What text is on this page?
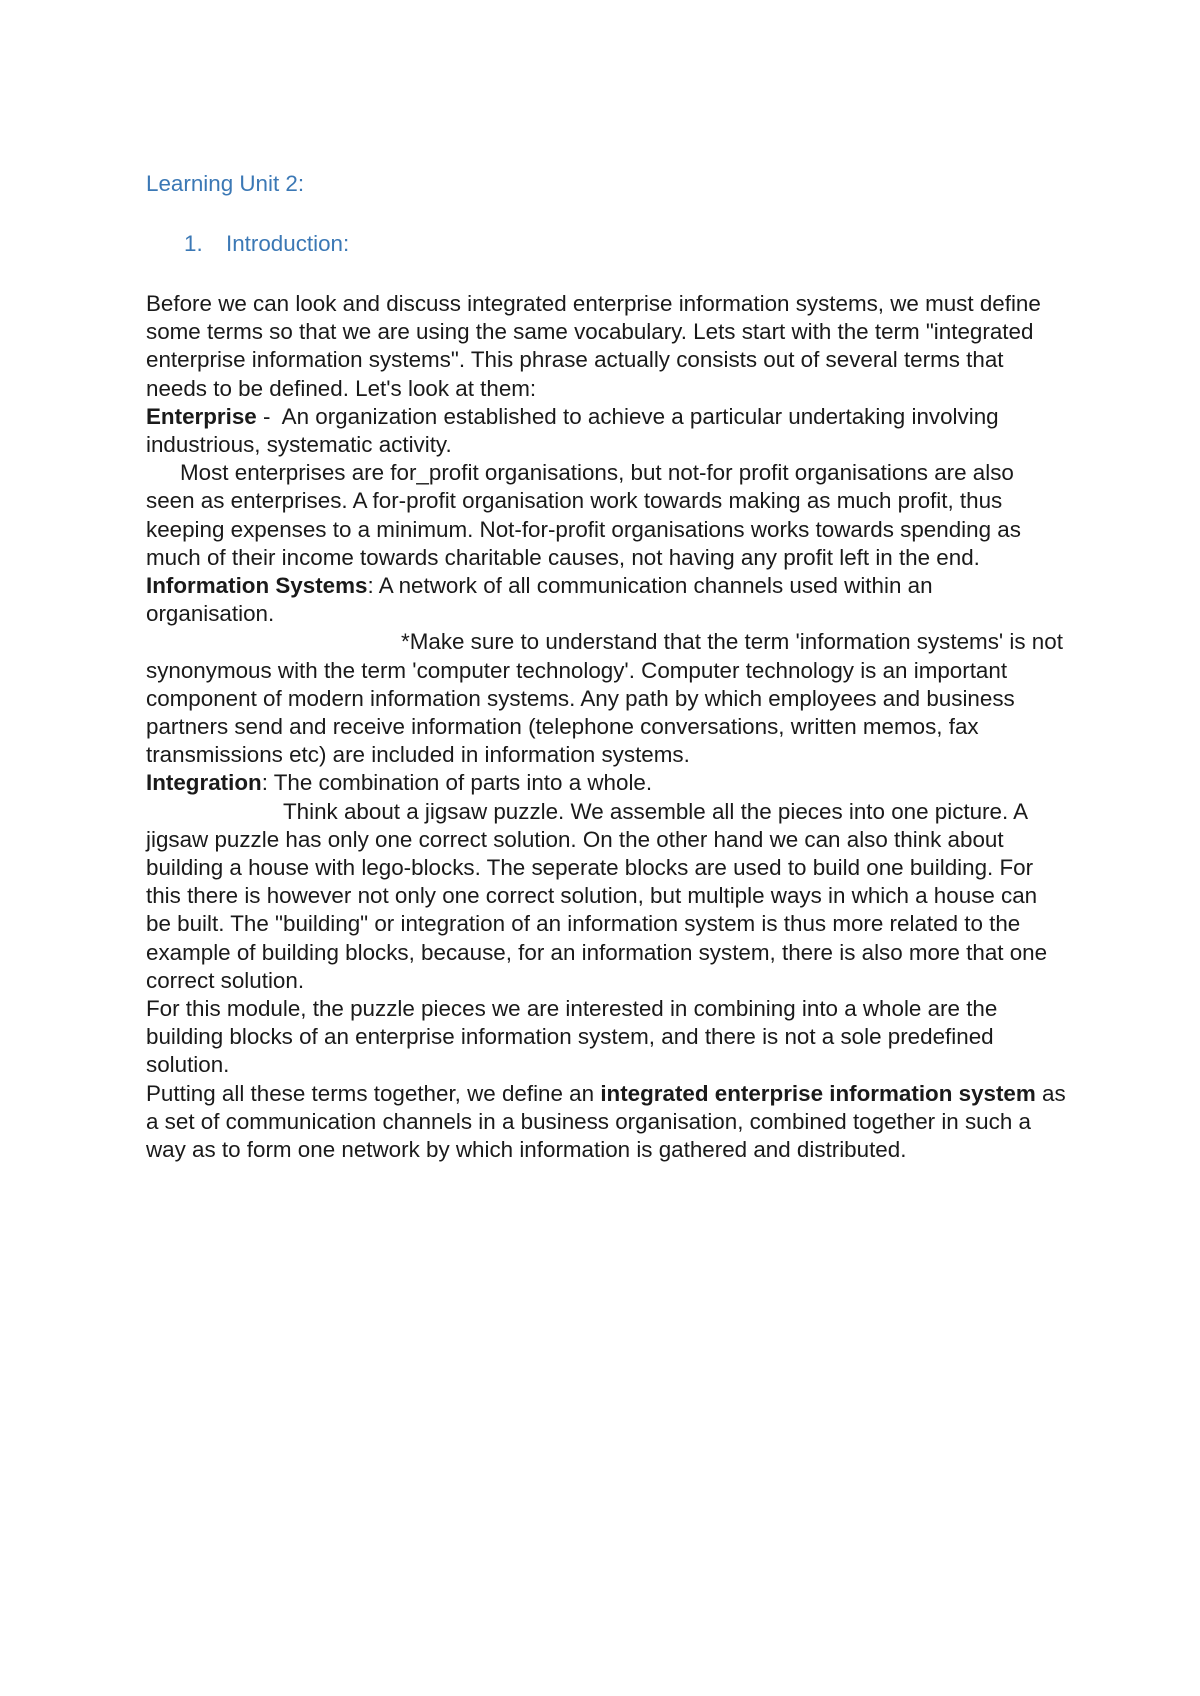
Learning Unit 2:

1.	Introduction:

Before we can look and discuss integrated enterprise information systems, we must define some terms so that we are using the same vocabulary. Lets start with the term "integrated enterprise information systems". This phrase actually consists out of several terms that needs to be defined. Let's look at them:

Enterprise -  An organization established to achieve a particular undertaking involving industrious, systematic activity.

Most enterprises are for_profit organisations, but not-for profit organisations are also seen as enterprises. A for-profit organisation work towards making as much profit, thus keeping expenses to a minimum. Not-for-profit organisations works towards spending as much of their income towards charitable causes, not having any profit left in the end.

Information Systems: A network of all communication channels used within an organisation.

*Make sure to understand that the term 'information systems' is not synonymous with the term 'computer technology'. Computer technology is an important component of modern information systems. Any path by which employees and business partners send and receive information (telephone conversations, written memos, fax transmissions etc) are included in information systems.

Integration: The combination of parts into a whole.

Think about a jigsaw puzzle. We assemble all the pieces into one picture. A jigsaw puzzle has only one correct solution. On the other hand we can also think about building a house with lego-blocks. The seperate blocks are used to build one building. For this there is however not only one correct solution, but multiple ways in which a house can be built. The "building" or integration of an information system is thus more related to the example of building blocks, because, for an information system, there is also more that one correct solution.

For this module, the puzzle pieces we are interested in combining into a whole are the building blocks of an enterprise information system, and there is not a sole predefined solution.

Putting all these terms together, we define an integrated enterprise information system as a set of communication channels in a business organisation, combined together in such a way as to form one network by which information is gathered and distributed.
